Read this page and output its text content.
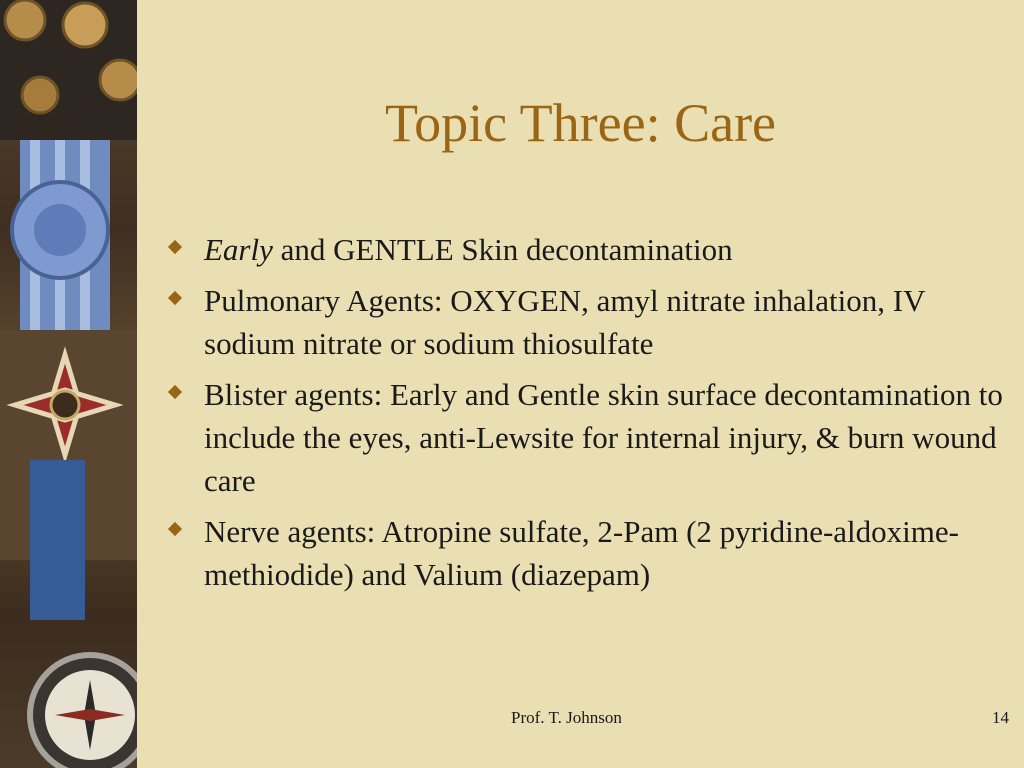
Topic Three: Care
Early and GENTLE Skin decontamination
Pulmonary Agents: OXYGEN, amyl nitrate inhalation, IV sodium nitrate or sodium thiosulfate
Blister agents: Early and Gentle skin surface decontamination to include the eyes, anti-Lewsite for internal injury, & burn wound care
Nerve agents: Atropine sulfate, 2-Pam (2 pyridine-aldoxime-methiodide) and Valium (diazepam)
Prof. T. Johnson	14
